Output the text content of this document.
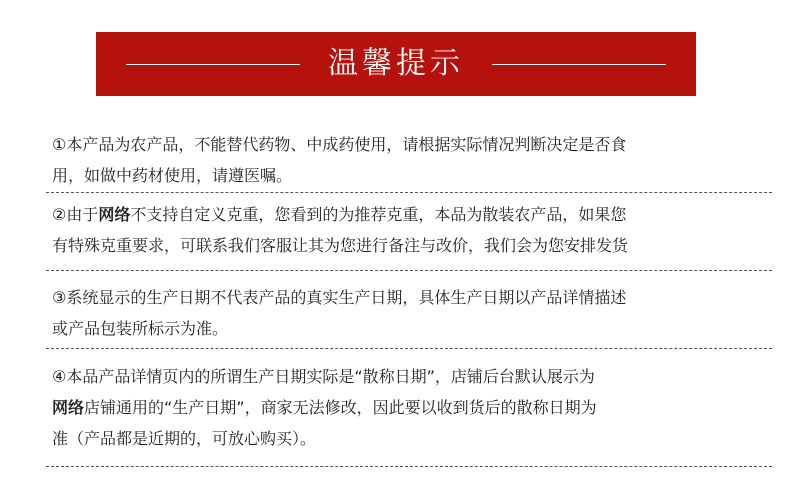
温馨提示
①本产品为农产品，不能替代药物、中成药使用，请根据实际情况判断决定是否食
用，如做中药材使用，请遵医嘱。
②由于网络不支持自定义克重，您看到的为推荐克重，本品为散装农产品，如果您
有特殊克重要求，可联系我们客服让其为您进行备注与改价，我们会为您安排发货
③系统显示的生产日期不代表产品的真实生产日期，具体生产日期以产品详情描述
或产品包装所标示为准。
④本品产品详情页内的所谓生产日期实际是“散称日期”，店铺后台默认展示为
网络店铺通用的“生产日期”，商家无法修改，因此要以收到货后的散称日期为
准（产品都是近期的，可放心购买）。
